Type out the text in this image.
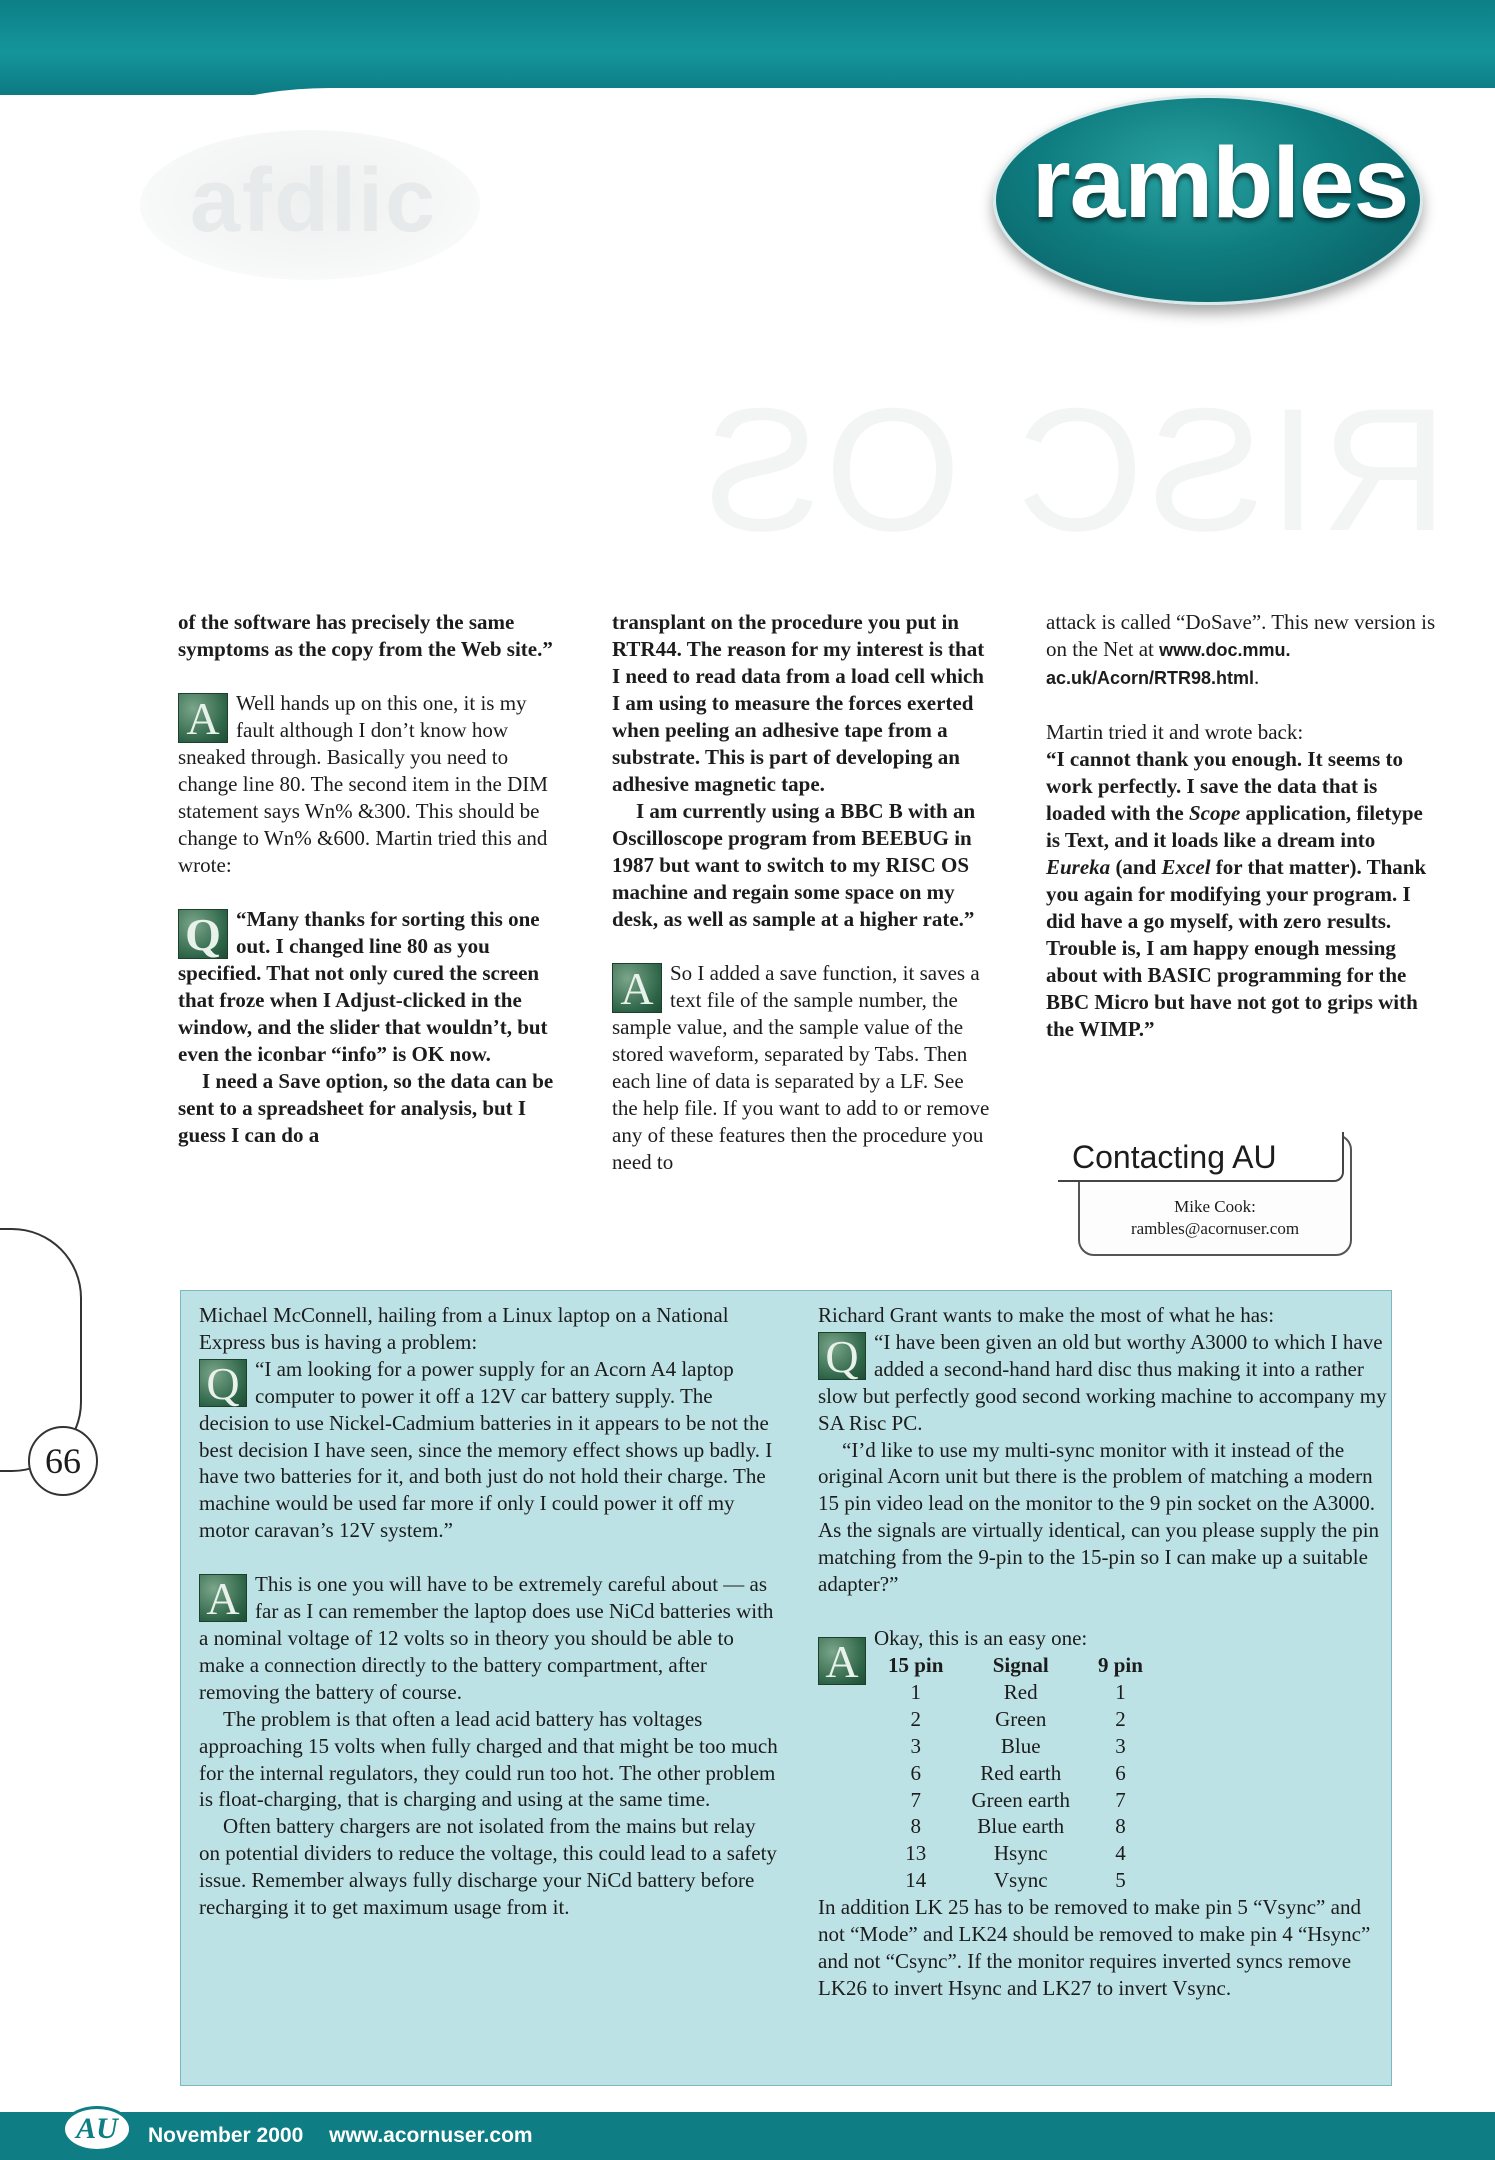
afdlic
RISC OS
rambles

of the software has precisely the same symptoms as the copy from the Web site.”

A Well hands up on this one, it is my fault although I don’t know how sneaked through. Basically you need to change line 80. The second item in the DIM statement says Wn% &300. This should be change to Wn% &600. Martin tried this and wrote:

Q “Many thanks for sorting this one out. I changed line 80 as you specified. That not only cured the screen that froze when I Adjust-clicked in the window, and the slider that wouldn’t, but even the iconbar “info” is OK now.

I need a Save option, so the data can be sent to a spreadsheet for analysis, but I guess I can do a

transplant on the procedure you put in RTR44. The reason for my interest is that I need to read data from a load cell which I am using to measure the forces exerted when peeling an adhesive tape from a substrate. This is part of developing an adhesive magnetic tape.

I am currently using a BBC B with an Oscilloscope program from BEEBUG in 1987 but want to switch to my RISC OS machine and regain some space on my desk, as well as sample at a higher rate.”

A So I added a save function, it saves a text file of the sample number, the sample value, and the sample value of the stored waveform, separated by Tabs. Then each line of data is separated by a LF. See the help file. If you want to add to or remove any of these features then the procedure you need to

attack is called “DoSave”. This new version is on the Net at www.doc.mmu. ac.uk/Acorn/RTR98.html.

Martin tried it and wrote back:

“I cannot thank you enough. It seems to work perfectly. I save the data that is loaded with the Scope application, filetype is Text, and it loads like a dream into Eureka (and Excel for that matter). Thank you again for modifying your program. I did have a go myself, with zero results. Trouble is, I am happy enough messing about with BASIC programming for the BBC Micro but have not got to grips with the WIMP.”

Contacting AU
Mike Cook:
rambles@acornuser.com
66

Michael McConnell, hailing from a Linux laptop on a National Express bus is having a problem:

Q “I am looking for a power supply for an Acorn A4 laptop computer to power it off a 12V car battery supply. The decision to use Nickel-Cadmium batteries in it appears to be not the best decision I have seen, since the memory effect shows up badly. I have two batteries for it, and both just do not hold their charge. The machine would be used far more if only I could power it off my motor caravan’s 12V system.”

A This is one you will have to be extremely careful about — as far as I can remember the laptop does use NiCd batteries with a nominal voltage of 12 volts so in theory you should be able to make a connection directly to the battery compartment, after removing the battery of course.

The problem is that often a lead acid battery has voltages approaching 15 volts when fully charged and that might be too much for the internal regulators, they could run too hot. The other problem is float-charging, that is charging and using at the same time.

Often battery chargers are not isolated from the mains but relay on potential dividers to reduce the voltage, this could lead to a safety issue. Remember always fully discharge your NiCd battery before recharging it to get maximum usage from it.

Richard Grant wants to make the most of what he has:

Q “I have been given an old but worthy A3000 to which I have added a second-hand hard disc thus making it into a rather slow but perfectly good second working machine to accompany my SA Risc PC.

“I’d like to use my multi-sync monitor with it instead of the original Acorn unit but there is the problem of matching a modern 15 pin video lead on the monitor to the 9 pin socket on the A3000. As the signals are virtually identical, can you please supply the pin matching from the 9-pin to the 15-pin so I can make up a suitable adapter?”

A Okay, this is an easy one:

15 pin	Signal	9 pin
1	Red	1
2	Green	2
3	Blue	3
6	Red earth	6
7	Green earth	7
8	Blue earth	8
13	Hsync	4
14	Vsync	5

In addition LK 25 has to be removed to make pin 5 “Vsync” and not “Mode” and LK24 should be removed to make pin 4 “Hsync” and not “Csync”. If the monitor requires inverted syncs remove LK26 to invert Hsync and LK27 to invert Vsync.

AU	November 2000 www.acornuser.com
